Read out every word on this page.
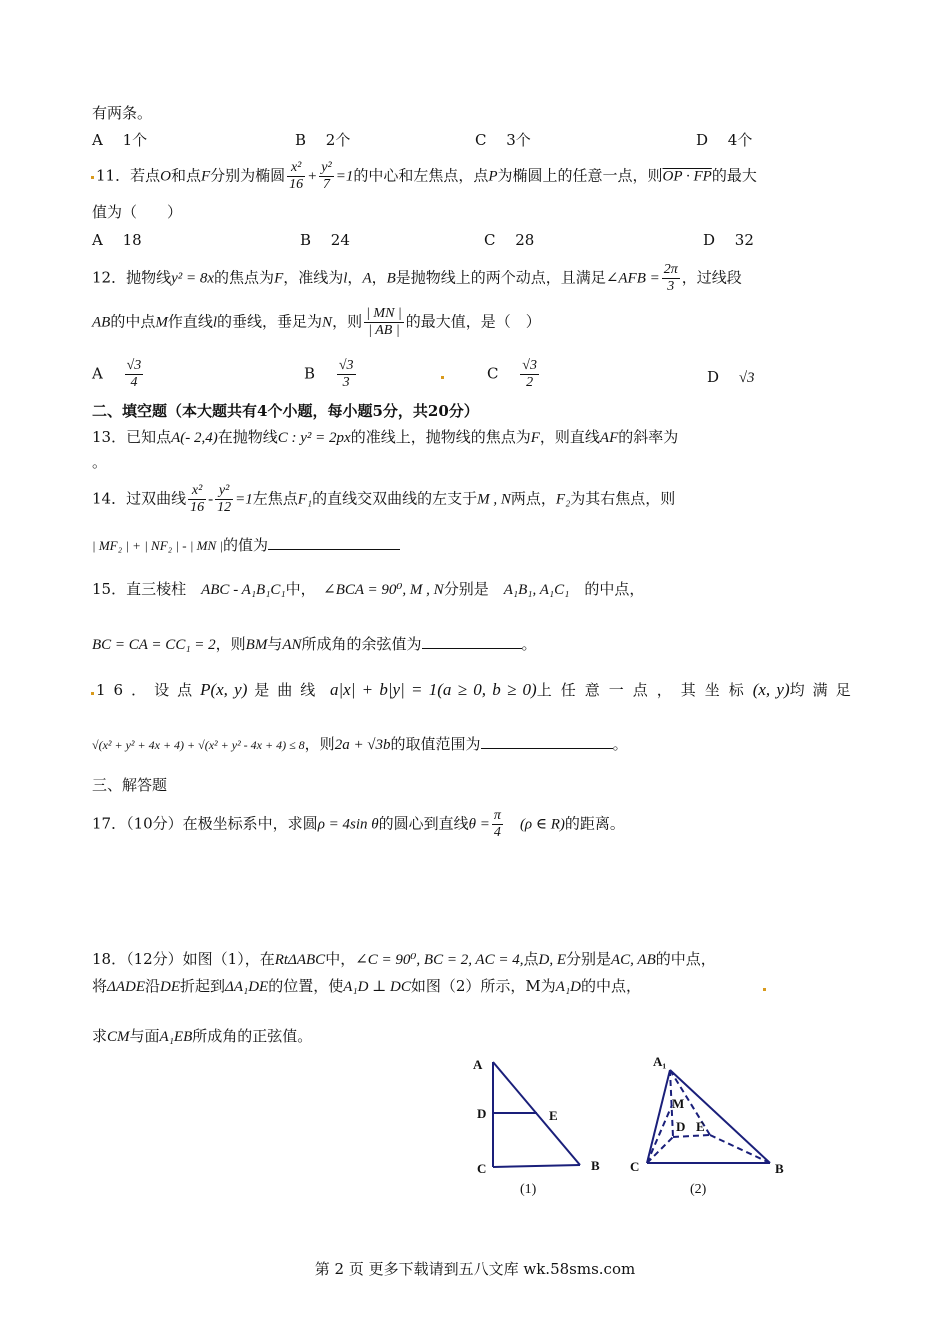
有两条。
A　 1个	B　 2个	C　 3个	D　 4个
11．若点O和点F分别为椭圆 $\frac{\text{x²}}{16} + \frac{\text{y²}}{7} =1$的中心和左焦点，点P为椭圆上的任意一点，则OP · FP的最大
值为（　　）
A　 18	B　 24	C　 28	D　 32
12．抛物线y² = 8x的焦点为F，准线为l，A，B是抛物线上的两个动点，且满足∠AFB = $\frac{2\pi}{3}$ ，过线段
AB的中点M作直线l的垂线，垂足为N，则 $\frac{| MN |}{| AB |}$ 的最大值，是（　）
A　 $\frac{√3}{4}$	B　 $\frac{√3}{3}$	C　 $\frac{√3}{2}$	D　 √3
二、填空题（本大题共有4个小题，每小题5分，共20分）
13．已知点A(- 2,4)在抛物线C : y² = 2px的准线上，抛物线的焦点为F，则直线AF的斜率为
。
14．过双曲线 $\frac{\text{x²}}{16} - \frac{\text{y²}}{12} =1$左焦点F₁的直线交双曲线的左支于M , N两点，F₂为其右焦点，则
| MF₂ | + | NF₂ | - | MN |的值为
15．直三棱柱　 ABC - A₁B₁C₁中，　 ∠BCA = 90⁰, M , N分别是　 A₁B₁, A₁C₁　 的中点，
BC = CA = CC₁ = 2，则BM与AN所成角的余弦值为	。
16．设点P(x, y) 是曲线 a|x| + b|y| = 1(a ≥ 0, b ≥ 0)上任意一点，其坐标(x, y)均满足
√(x² + y² + 4x + 4) + √(x² + y² - 4x + 4) ≤ 8，则2a + √3b的取值范围为	。
三、解答题
17．（10分）在极坐标系中，求圆ρ = 4sin θ的圆心到直线$\theta = \frac{\pi}{4}$
　 (ρ ∈ R)的距离。
18．（12分）如图（1），在RtΔABC中，∠C = 90⁰, BC = 2, AC = 4,点D, E分别是AC, AB的中点，
将ΔADE沿DE折起到ΔA₁DE的位置，使A₁D ⊥ DC如图（2）所示，M为A₁D的中点，
求CM与面A₁EB所成角的正弦值。
A
D	E
C	B
(1)
A₁
M
D E
C	B
(2)
第 2 页 更多下载请到五八文库 wk.58sms.com
